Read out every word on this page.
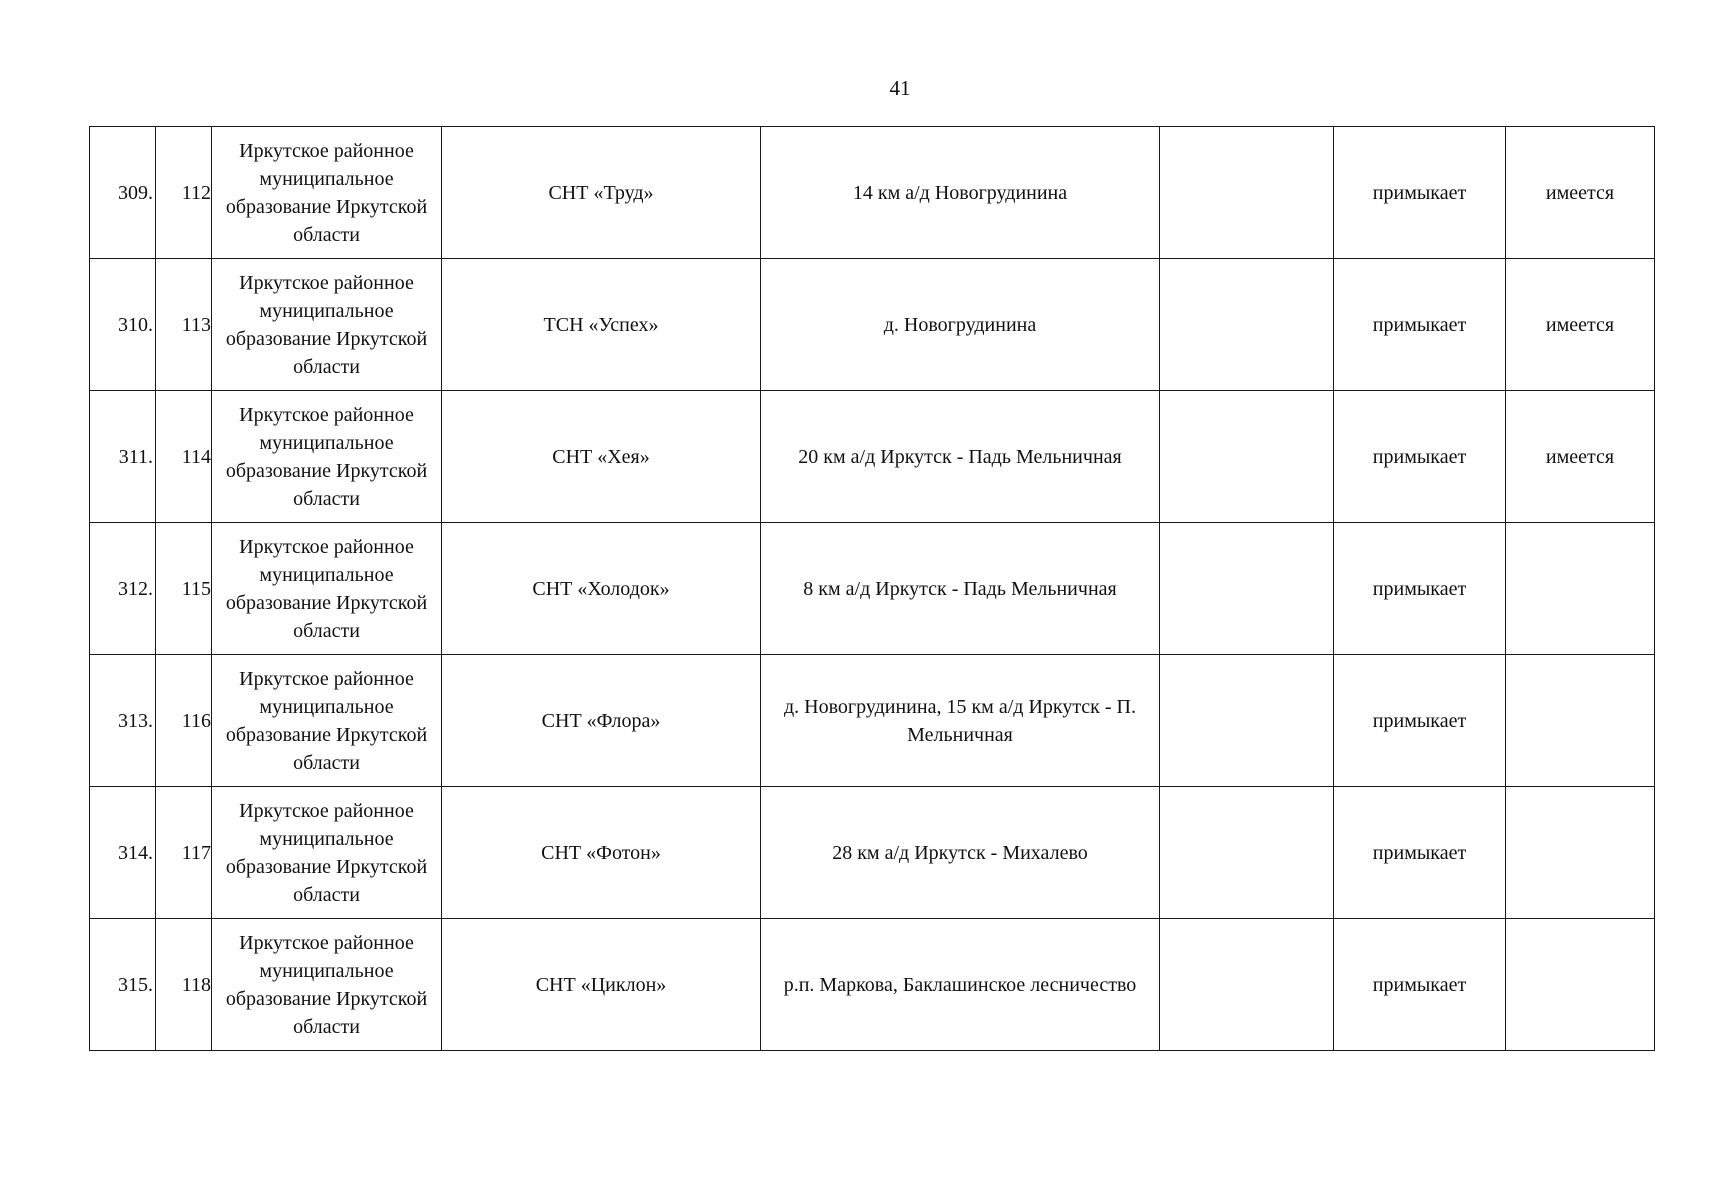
41
309.	112	Иркутское районное муниципальное образование Иркутской области	СНТ «Труд»	14 км а/д Новогрудинина		примыкает	имеется
310.	113	Иркутское районное муниципальное образование Иркутской области	ТСН «Успех»	д. Новогрудинина		примыкает	имеется
311.	114	Иркутское районное муниципальное образование Иркутской области	СНТ «Хея»	20 км а/д Иркутск - Падь Мельничная		примыкает	имеется
312.	115	Иркутское районное муниципальное образование Иркутской области	СНТ «Холодок»	8 км а/д Иркутск - Падь Мельничная		примыкает	
313.	116	Иркутское районное муниципальное образование Иркутской области	СНТ «Флора»	д. Новогрудинина, 15 км а/д Иркутск - П. Мельничная		примыкает	
314.	117	Иркутское районное муниципальное образование Иркутской области	СНТ «Фотон»	28 км а/д Иркутск - Михалево		примыкает	
315.	118	Иркутское районное муниципальное образование Иркутской области	СНТ «Циклон»	р.п. Маркова, Баклашинское лесничество		примыкает	
